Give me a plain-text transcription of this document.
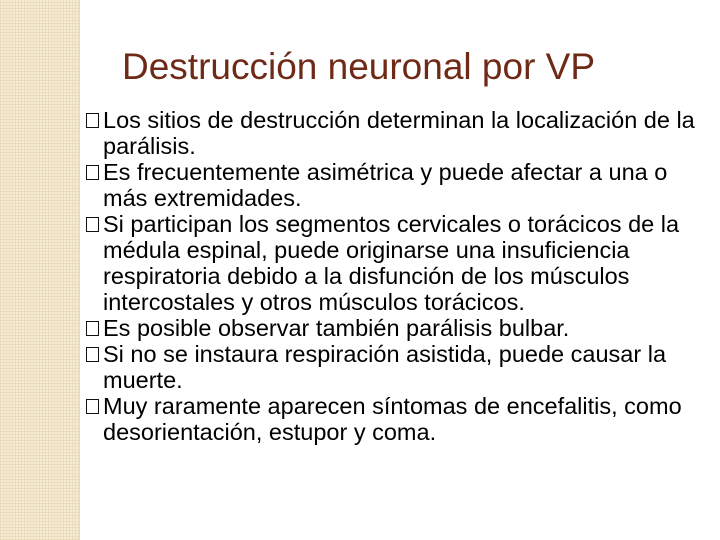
Destrucción neuronal por VP
Los sitios de destrucción determinan la localización de la parálisis.
Es frecuentemente asimétrica y puede afectar a una o más extremidades.
Si participan los segmentos cervicales o torácicos de la médula espinal, puede originarse una insuficiencia respiratoria debido a la disfunción de los músculos intercostales y otros músculos torácicos.
Es posible observar también parálisis bulbar.
Si no se instaura respiración asistida, puede causar la muerte.
Muy raramente aparecen síntomas de encefalitis, como desorientación, estupor y coma.
